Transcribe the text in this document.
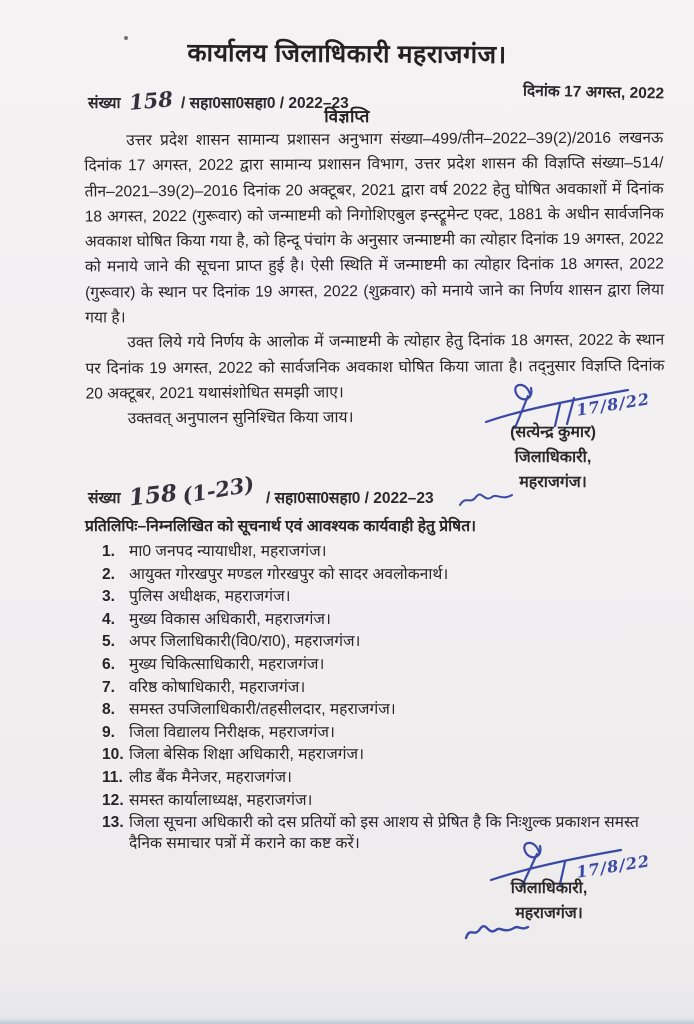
कार्यालय जिलाधिकारी महराजगंज।
दिनांक 17 अगस्त, 2022
संख्या 158 / सहा0सा0सहा0 / 2022–23
विज्ञप्ति

उत्तर प्रदेश शासन सामान्य प्रशासन अनुभाग संख्या–499/तीन–2022–39(2)/2016 लखनऊ दिनांक 17 अगस्त, 2022 द्वारा सामान्य प्रशासन विभाग, उत्तर प्रदेश शासन की विज्ञप्ति संख्या–514/तीन–2021–39(2)–2016 दिनांक 20 अक्टूबर, 2021 द्वारा वर्ष 2022 हेतु घोषित अवकाशों में दिनांक 18 अगस्त, 2022 (गुरूवार) को जन्माष्टमी को निगोशिएबुल इन्स्ट्रूमेन्ट एक्ट, 1881 के अधीन सार्वजनिक अवकाश घोषित किया गया है, को हिन्दू पंचांग के अनुसार जन्माष्टमी का त्योहार दिनांक 19 अगस्त, 2022 को मनाये जाने की सूचना प्राप्त हुई है। ऐसी स्थिति में जन्माष्टमी का त्योहार दिनांक 18 अगस्त, 2022 (गुरूवार) के स्थान पर दिनांक 19 अगस्त, 2022 (शुक्रवार) को मनाये जाने का निर्णय शासन द्वारा लिया गया है।

उक्त लिये गये निर्णय के आलोक में जन्माष्टमी के त्योहार हेतु दिनांक 18 अगस्त, 2022 के स्थान पर दिनांक 19 अगस्त, 2022 को सार्वजनिक अवकाश घोषित किया जाता है। तद्नुसार विज्ञप्ति दिनांक 20 अक्टूबर, 2021 यथासंशोधित समझी जाए।

उक्तवत् अनुपालन सुनिश्चित किया जाय।	17/8/22
(सत्येन्द्र कुमार)
जिलाधिकारी,
महराजगंज।
संख्या 158 (1-23) / सहा0सा0सहा0 / 2022–23
प्रतिलिपिः–निम्नलिखित को सूचनार्थ एवं आवश्यक कार्यवाही हेतु प्रेषित।
1. मा0 जनपद न्यायाधीश, महराजगंज।
2. आयुक्त गोरखपुर मण्डल गोरखपुर को सादर अवलोकनार्थ।
3. पुलिस अधीक्षक, महराजगंज।
4. मुख्य विकास अधिकारी, महराजगंज।
5. अपर जिलाधिकारी(वि0/रा0), महराजगंज।
6. मुख्य चिकित्साधिकारी, महराजगंज।
7. वरिष्ठ कोषाधिकारी, महराजगंज।
8. समस्त उपजिलाधिकारी/तहसीलदार, महराजगंज।
9. जिला विद्यालय निरीक्षक, महराजगंज।
10. जिला बेसिक शिक्षा अधिकारी, महराजगंज।
11. लीड बैंक मैनेजर, महराजगंज।
12. समस्त कार्यालाध्यक्ष, महराजगंज।
13. जिला सूचना अधिकारी को दस प्रतियों को इस आशय से प्रेषित है कि निःशुल्क प्रकाशन समस्त दैनिक समाचार पत्रों में कराने का कष्ट करें।
17/8/22
जिलाधिकारी,
महराजगंज।
